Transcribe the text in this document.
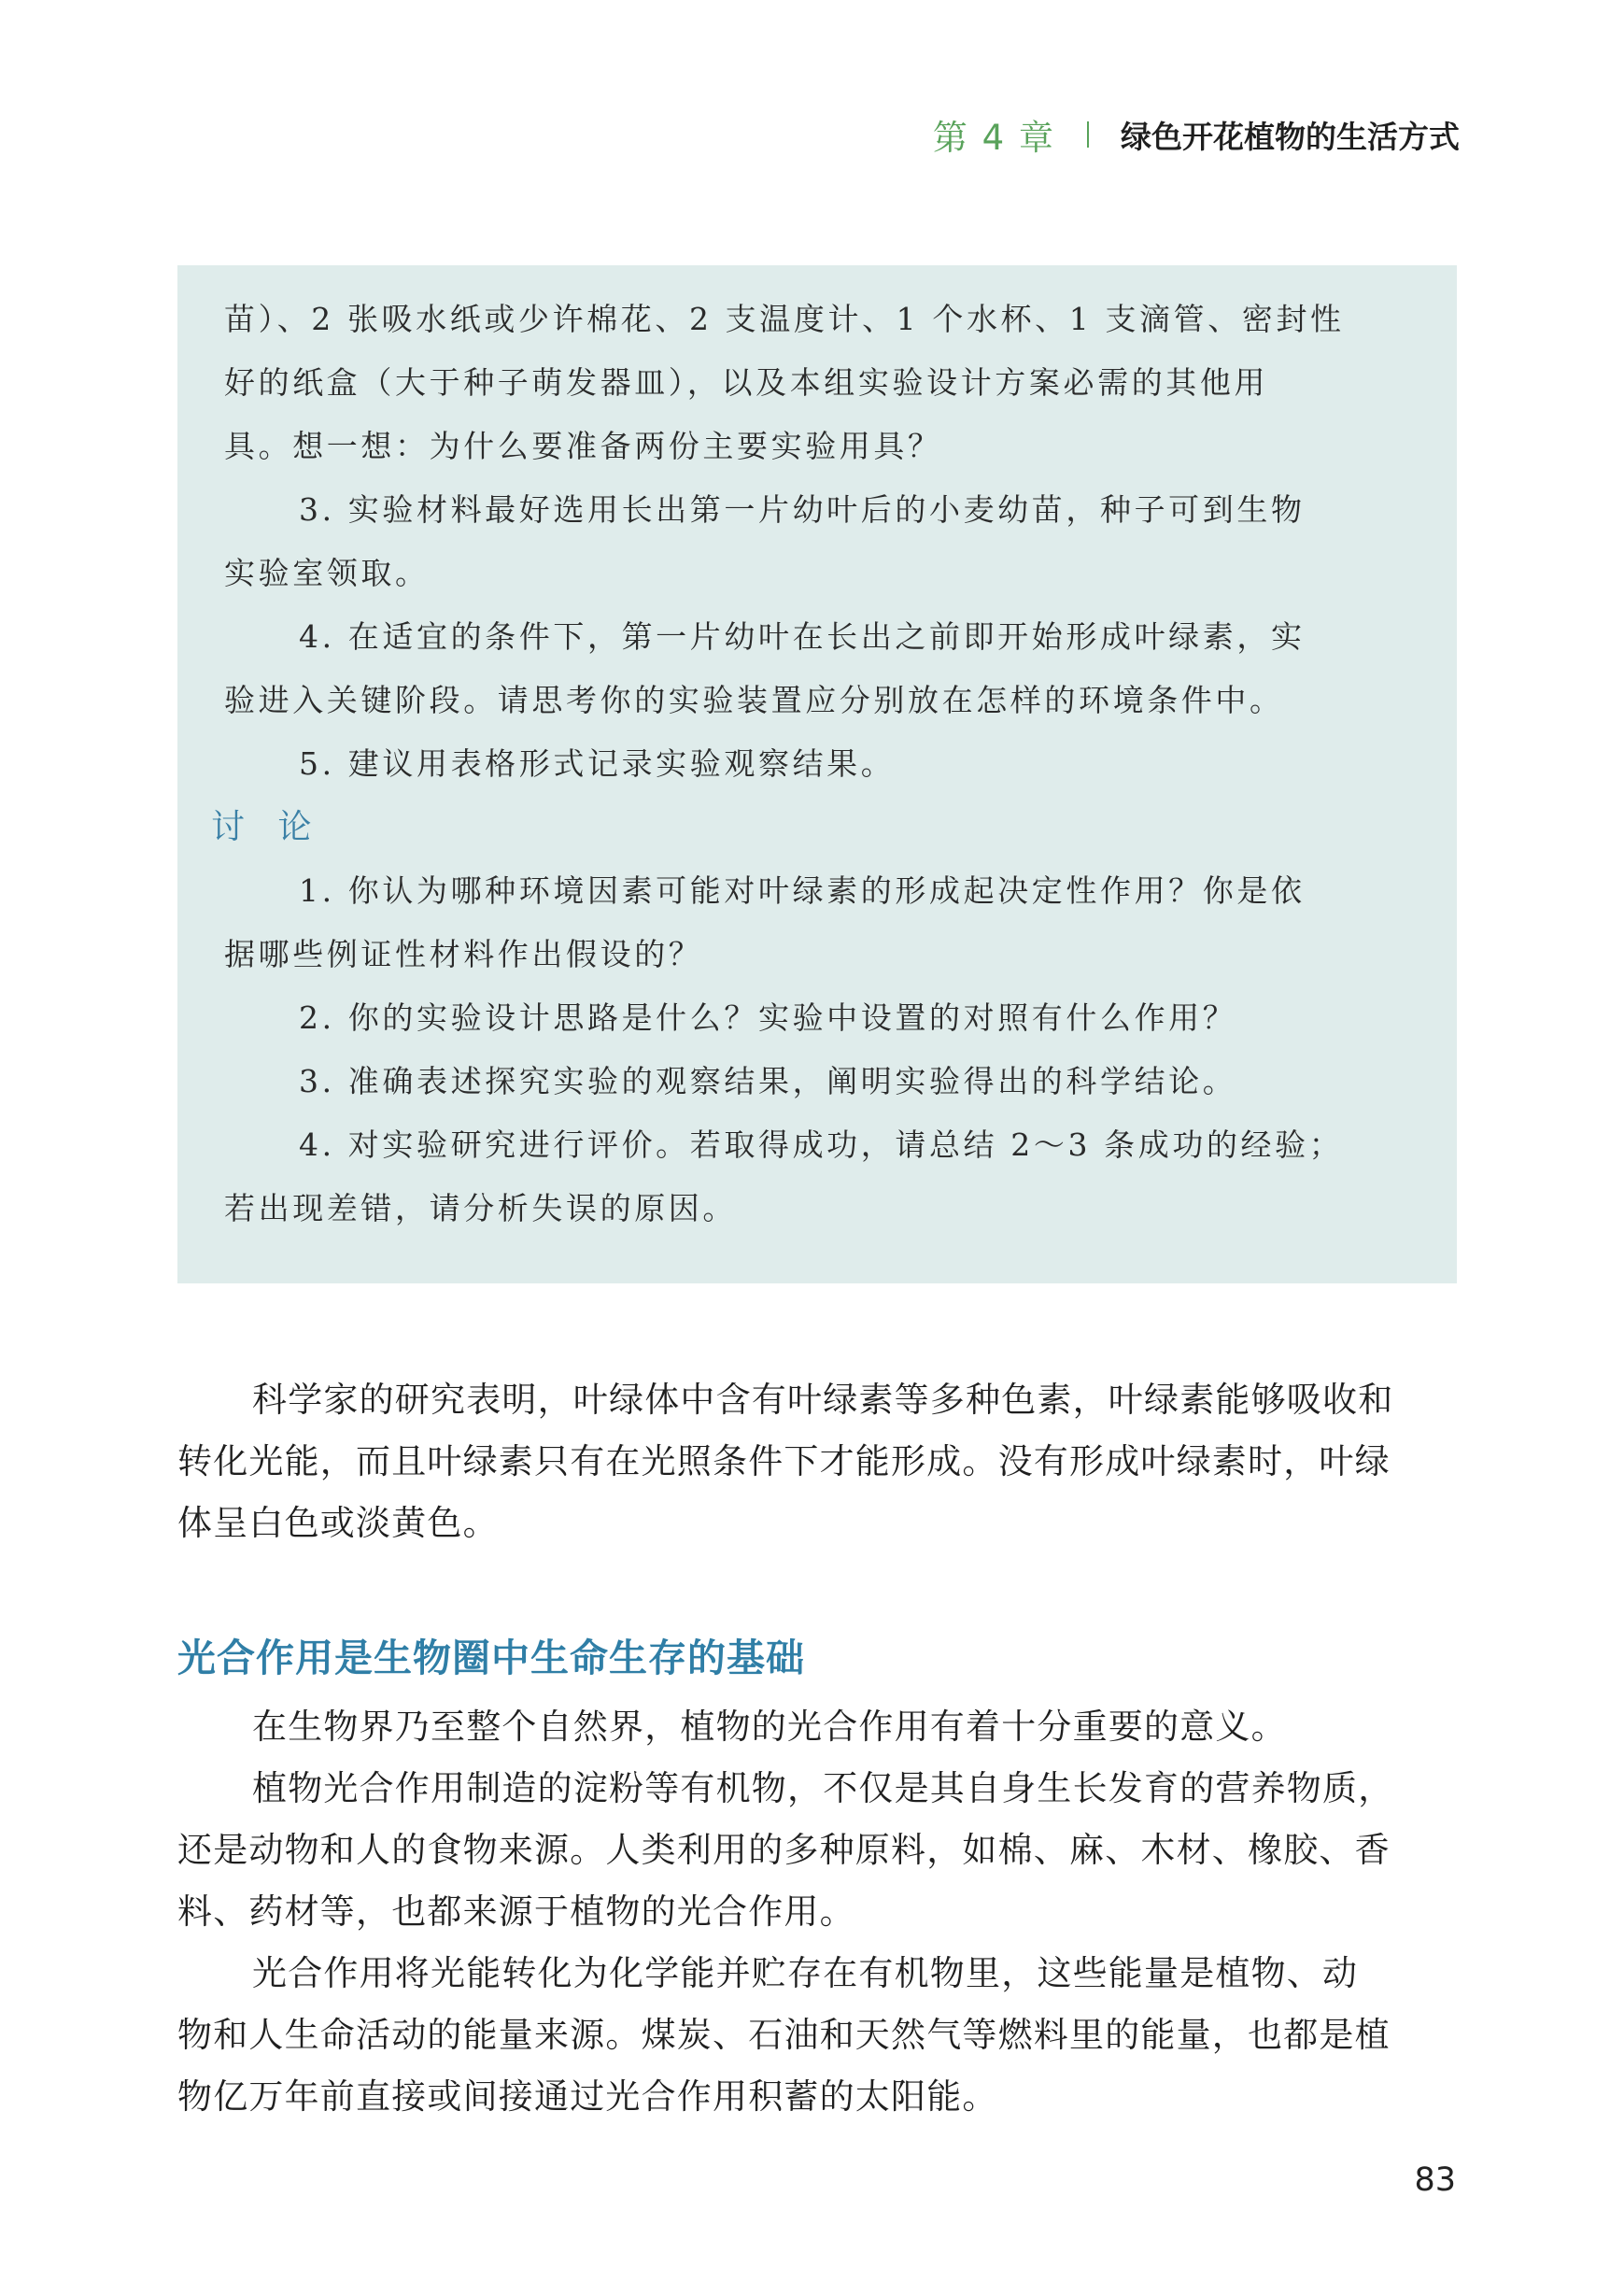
第 4 章 绿色开花植物的生活方式
苗）、2 张吸水纸或少许棉花、2 支温度计、1 个水杯、1 支滴管、密封性
好的纸盒（大于种子萌发器皿），以及本组实验设计方案必需的其他用
具。想一想：为什么要准备两份主要实验用具？
3. 实验材料最好选用长出第一片幼叶后的小麦幼苗，种子可到生物
实验室领取。
4. 在适宜的条件下，第一片幼叶在长出之前即开始形成叶绿素，实
验进入关键阶段。请思考你的实验装置应分别放在怎样的环境条件中。
5. 建议用表格形式记录实验观察结果。
讨 论
1. 你认为哪种环境因素可能对叶绿素的形成起决定性作用？你是依
据哪些例证性材料作出假设的？
2. 你的实验设计思路是什么？实验中设置的对照有什么作用？
3. 准确表述探究实验的观察结果，阐明实验得出的科学结论。
4. 对实验研究进行评价。若取得成功，请总结 2～3 条成功的经验；
若出现差错，请分析失误的原因。
科学家的研究表明，叶绿体中含有叶绿素等多种色素，叶绿素能够吸收和
转化光能，而且叶绿素只有在光照条件下才能形成。没有形成叶绿素时，叶绿
体呈白色或淡黄色。
光合作用是生物圈中生命生存的基础
在生物界乃至整个自然界，植物的光合作用有着十分重要的意义。
植物光合作用制造的淀粉等有机物，不仅是其自身生长发育的营养物质，
还是动物和人的食物来源。人类利用的多种原料，如棉、麻、木材、橡胶、香
料、药材等，也都来源于植物的光合作用。
光合作用将光能转化为化学能并贮存在有机物里，这些能量是植物、动
物和人生命活动的能量来源。煤炭、石油和天然气等燃料里的能量，也都是植
物亿万年前直接或间接通过光合作用积蓄的太阳能。
83
